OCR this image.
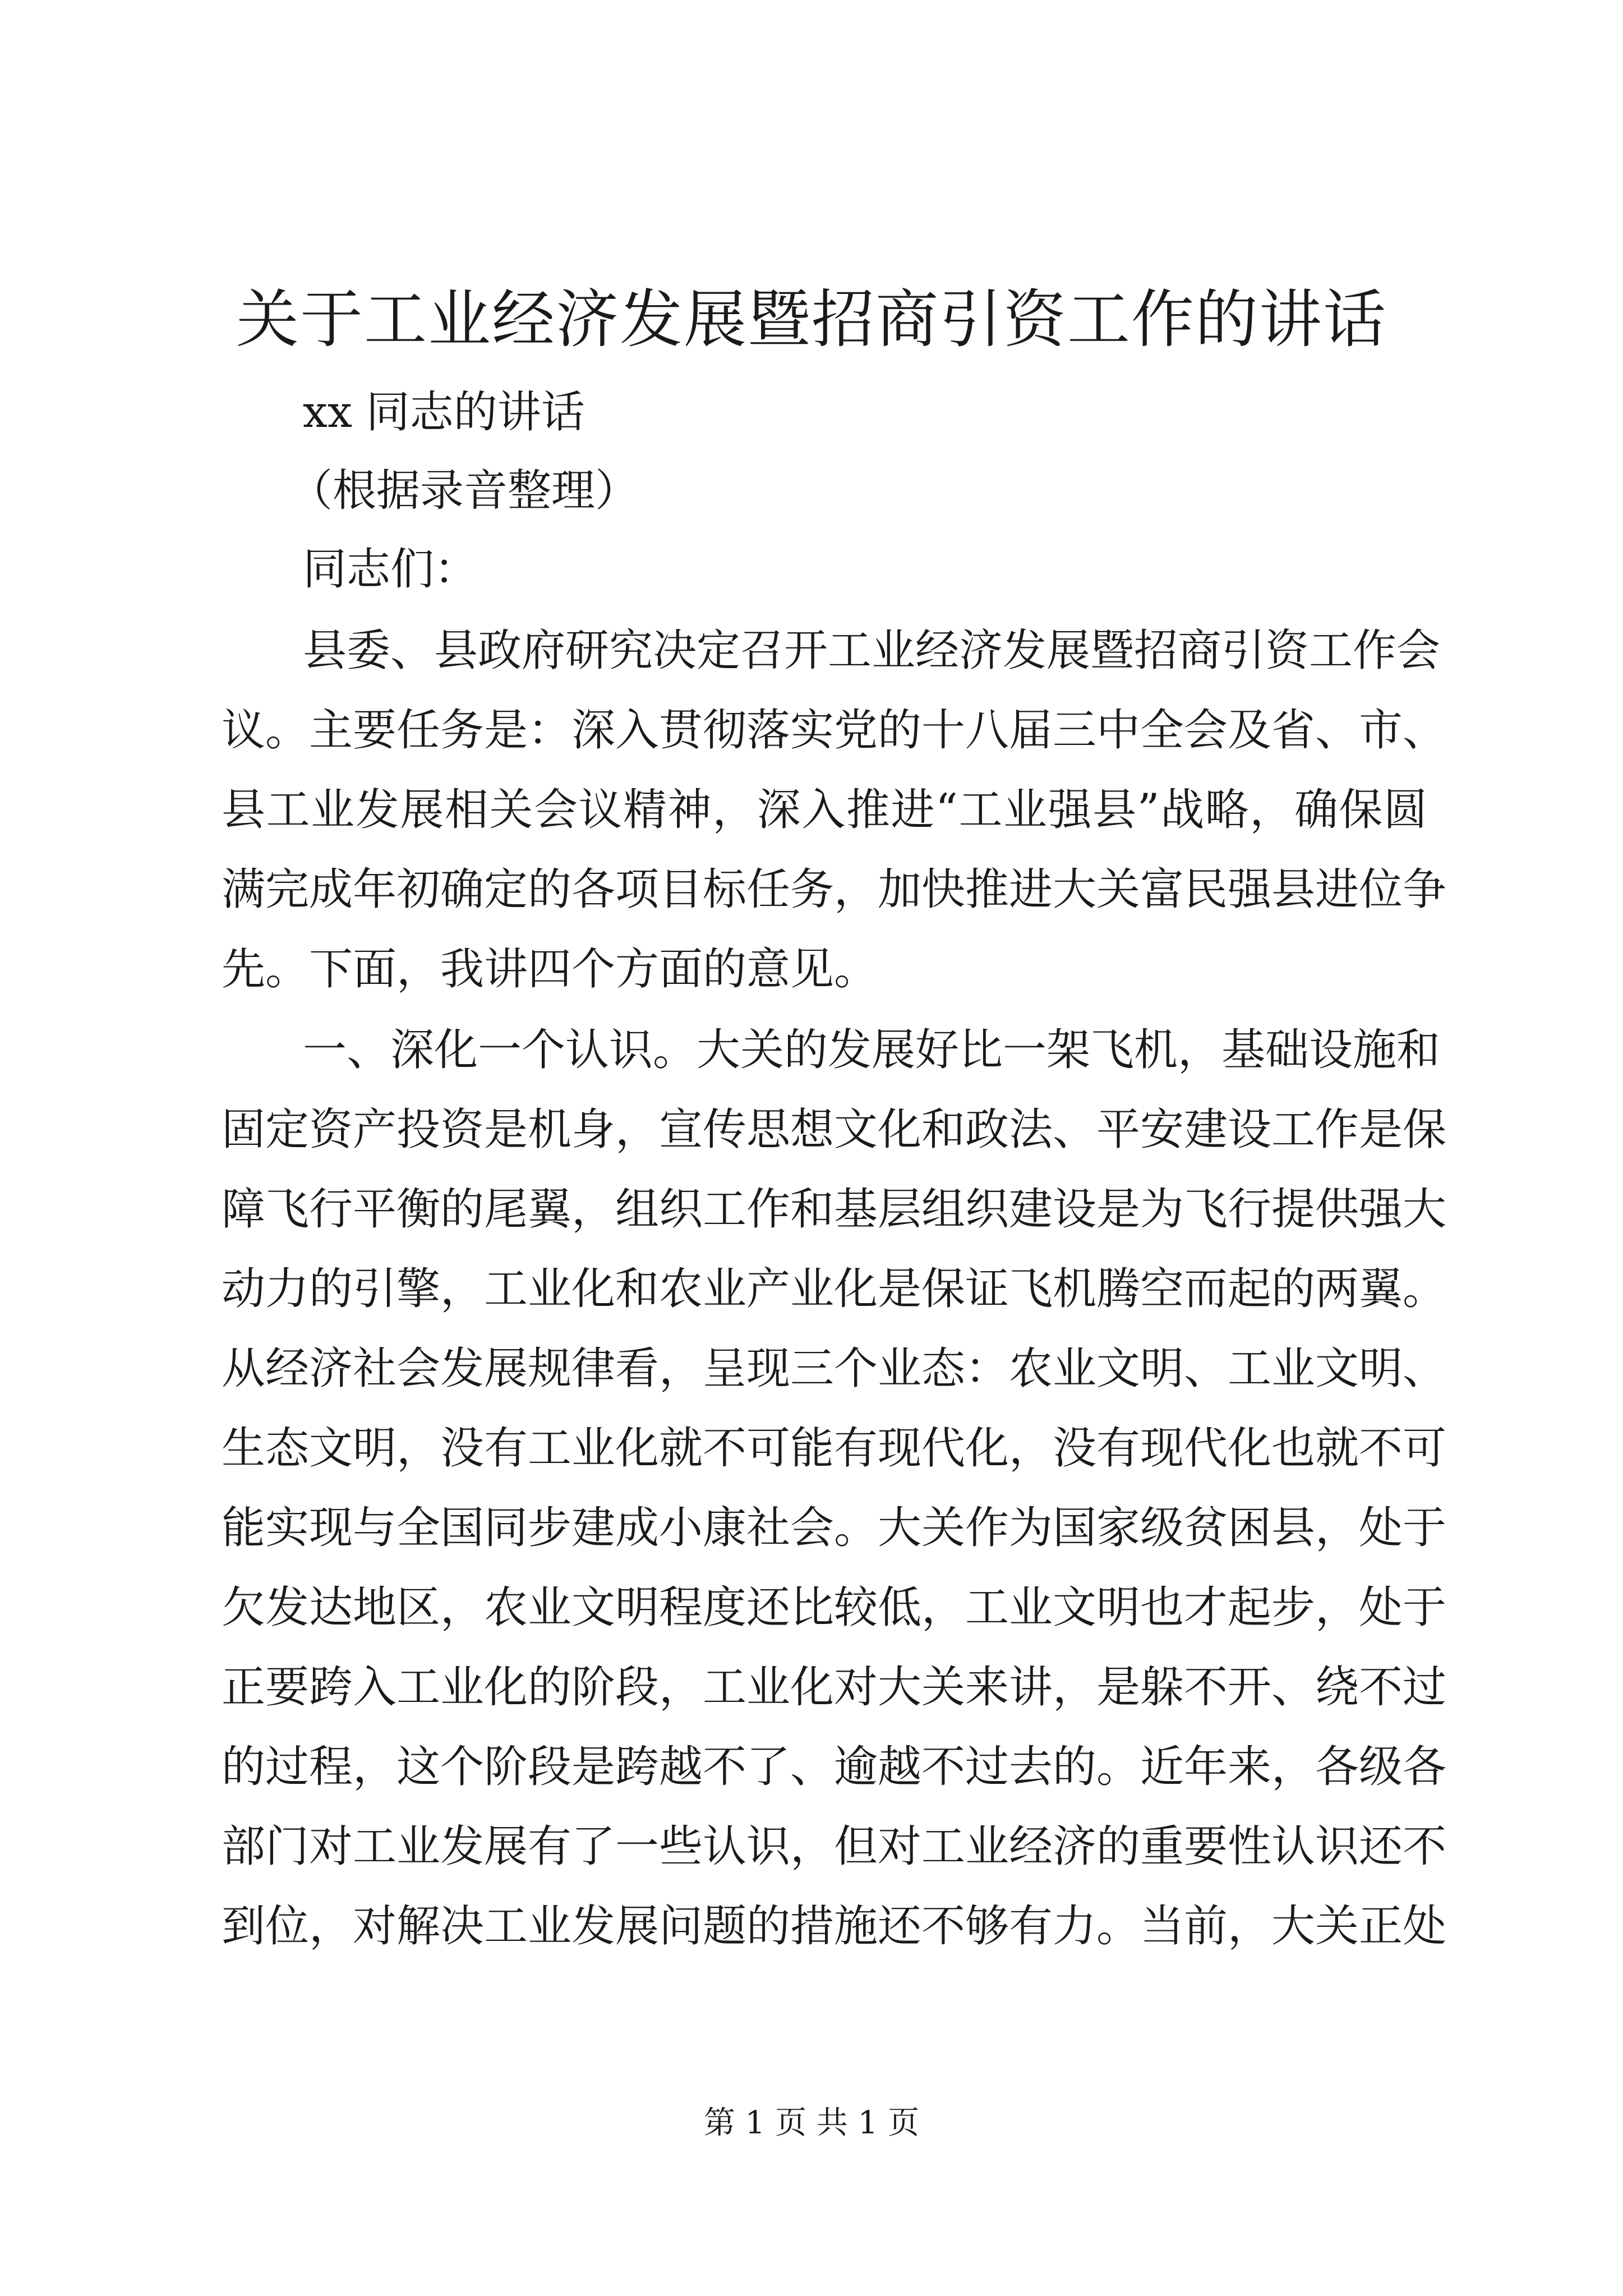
关于工业经济发展暨招商引资工作的讲话
xx 同志的讲话
（根据录音整理）
同志们：
县委、县政府研究决定召开工业经济发展暨招商引资工作会
议。主要任务是：深入贯彻落实党的十八届三中全会及省、市、
县工业发展相关会议精神，深入推进“工业强县”战略，确保圆
满完成年初确定的各项目标任务，加快推进大关富民强县进位争
先。下面，我讲四个方面的意见。
一、深化一个认识。大关的发展好比一架飞机，基础设施和
固定资产投资是机身，宣传思想文化和政法、平安建设工作是保
障飞行平衡的尾翼，组织工作和基层组织建设是为飞行提供强大
动力的引擎，工业化和农业产业化是保证飞机腾空而起的两翼。
从经济社会发展规律看，呈现三个业态：农业文明、工业文明、
生态文明，没有工业化就不可能有现代化，没有现代化也就不可
能实现与全国同步建成小康社会。大关作为国家级贫困县，处于
欠发达地区，农业文明程度还比较低，工业文明也才起步，处于
正要跨入工业化的阶段，工业化对大关来讲，是躲不开、绕不过
的过程，这个阶段是跨越不了、逾越不过去的。近年来，各级各
部门对工业发展有了一些认识，但对工业经济的重要性认识还不
到位，对解决工业发展问题的措施还不够有力。当前，大关正处
第 1 页 共 1 页
